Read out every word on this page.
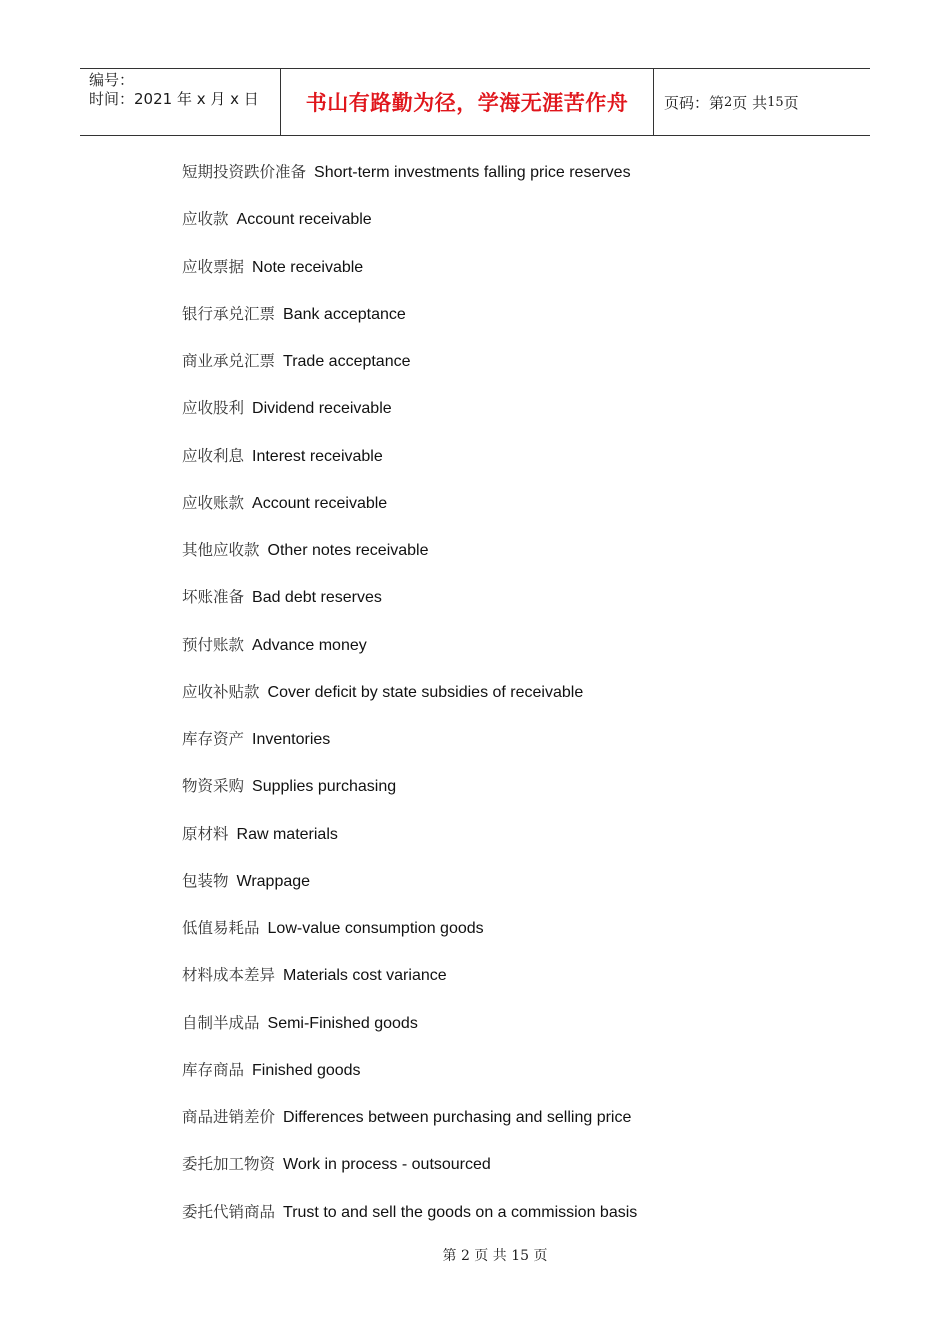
编号：
时间：2021 年 x 月 x 日	书山有路勤为径，学海无涯苦作舟	页码：第 2 页 共 15 页
短期投资跌价准备 Short-term investments falling price reserves
应收款 Account receivable
应收票据 Note receivable
银行承兑汇票 Bank acceptance
商业承兑汇票 Trade acceptance
应收股利 Dividend receivable
应收利息 Interest receivable
应收账款 Account receivable
其他应收款 Other notes receivable
坏账准备 Bad debt reserves
预付账款 Advance money
应收补贴款 Cover deficit by state subsidies of receivable
库存资产 Inventories
物资采购 Supplies purchasing
原材料 Raw materials
包装物 Wrappage
低值易耗品 Low-value consumption goods
材料成本差异 Materials cost variance
自制半成品 Semi-Finished goods
库存商品 Finished goods
商品进销差价 Differences between purchasing and selling price
委托加工物资 Work in process - outsourced
委托代销商品 Trust to and sell the goods on a commission basis
第 2 页 共 15 页
